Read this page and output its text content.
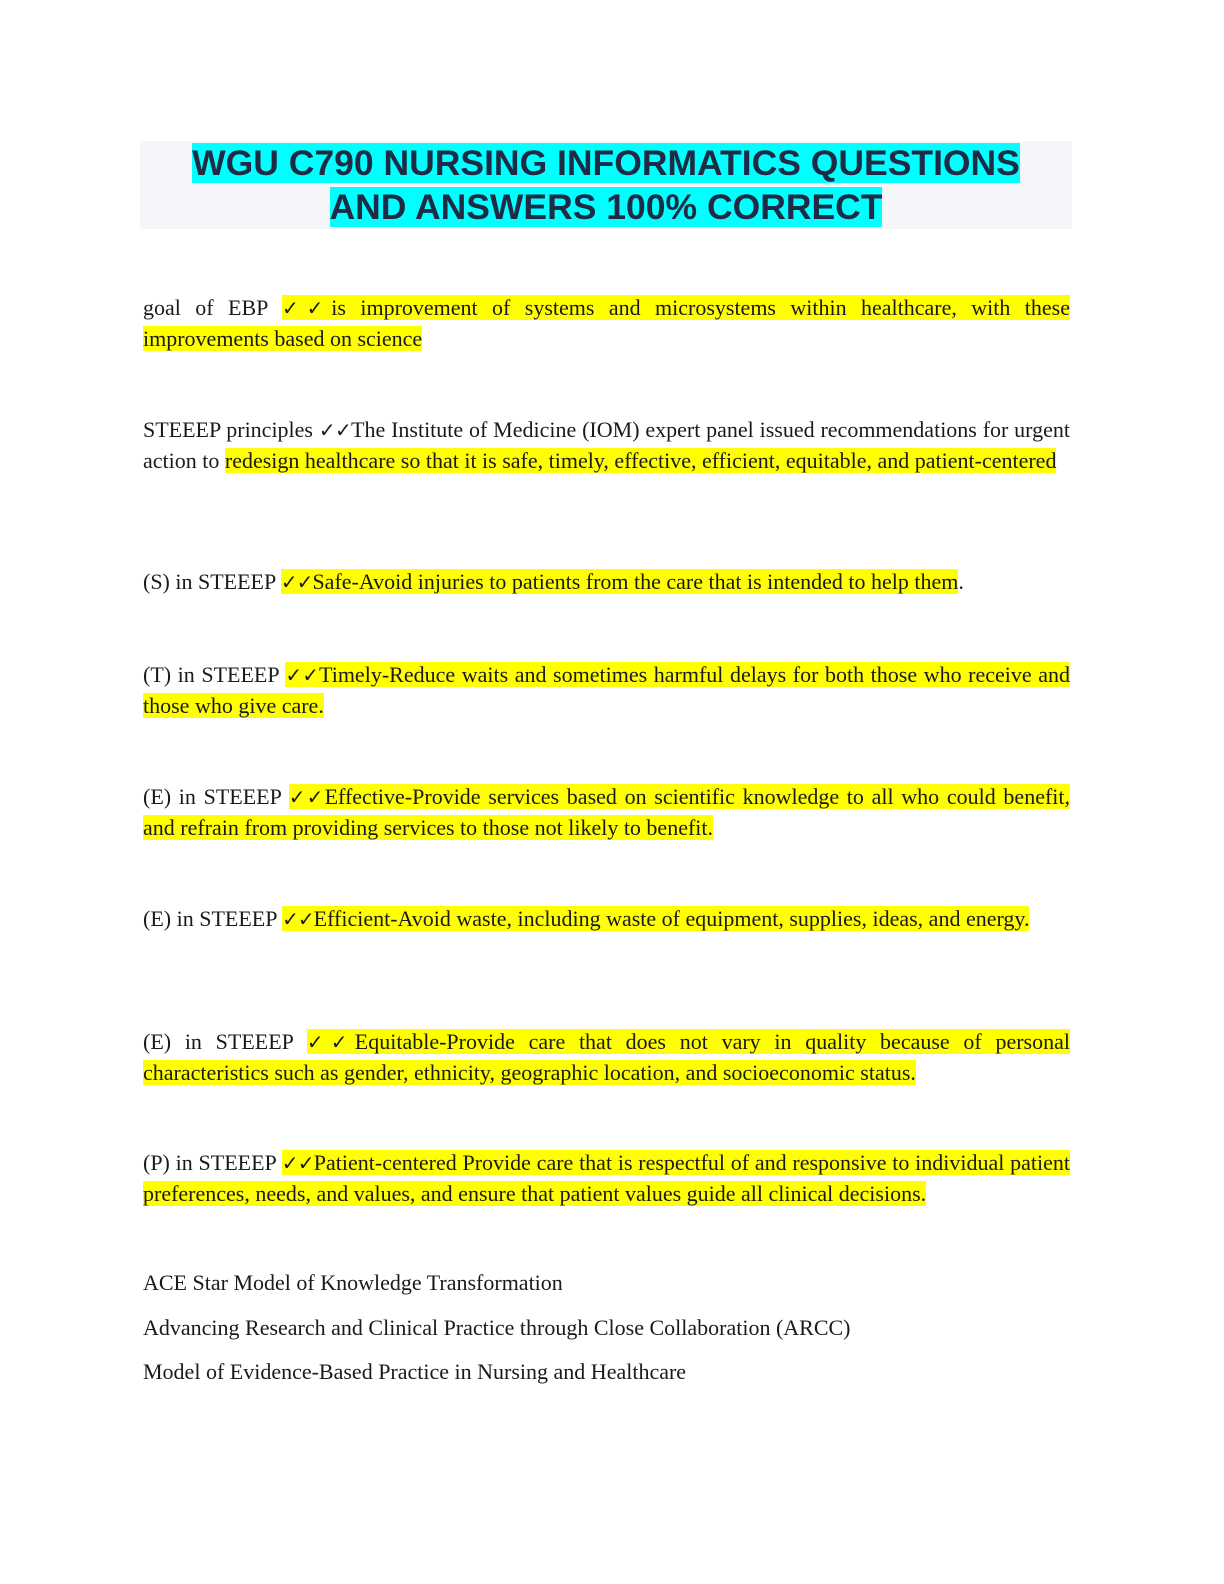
WGU C790 NURSING INFORMATICS QUESTIONS
AND ANSWERS 100% CORRECT
goal of EBP ✓✓is improvement of systems and microsystems within healthcare, with these improvements based on science
STEEEP principles ✓✓The Institute of Medicine (IOM) expert panel issued recommendations for urgent action to redesign healthcare so that it is safe, timely, effective, efficient, equitable, and patient-centered
(S) in STEEEP ✓✓Safe-Avoid injuries to patients from the care that is intended to help them.
(T) in STEEEP ✓✓Timely-Reduce waits and sometimes harmful delays for both those who receive and those who give care.
(E) in STEEEP ✓✓Effective-Provide services based on scientific knowledge to all who could benefit, and refrain from providing services to those not likely to benefit.
(E) in STEEEP ✓✓Efficient-Avoid waste, including waste of equipment, supplies, ideas, and energy.
(E) in STEEEP ✓✓Equitable-Provide care that does not vary in quality because of personal characteristics such as gender, ethnicity, geographic location, and socioeconomic status.
(P) in STEEEP ✓✓Patient-centered Provide care that is respectful of and responsive to individual patient preferences, needs, and values, and ensure that patient values guide all clinical decisions.
ACE Star Model of Knowledge Transformation
Advancing Research and Clinical Practice through Close Collaboration (ARCC)
Model of Evidence-Based Practice in Nursing and Healthcare
